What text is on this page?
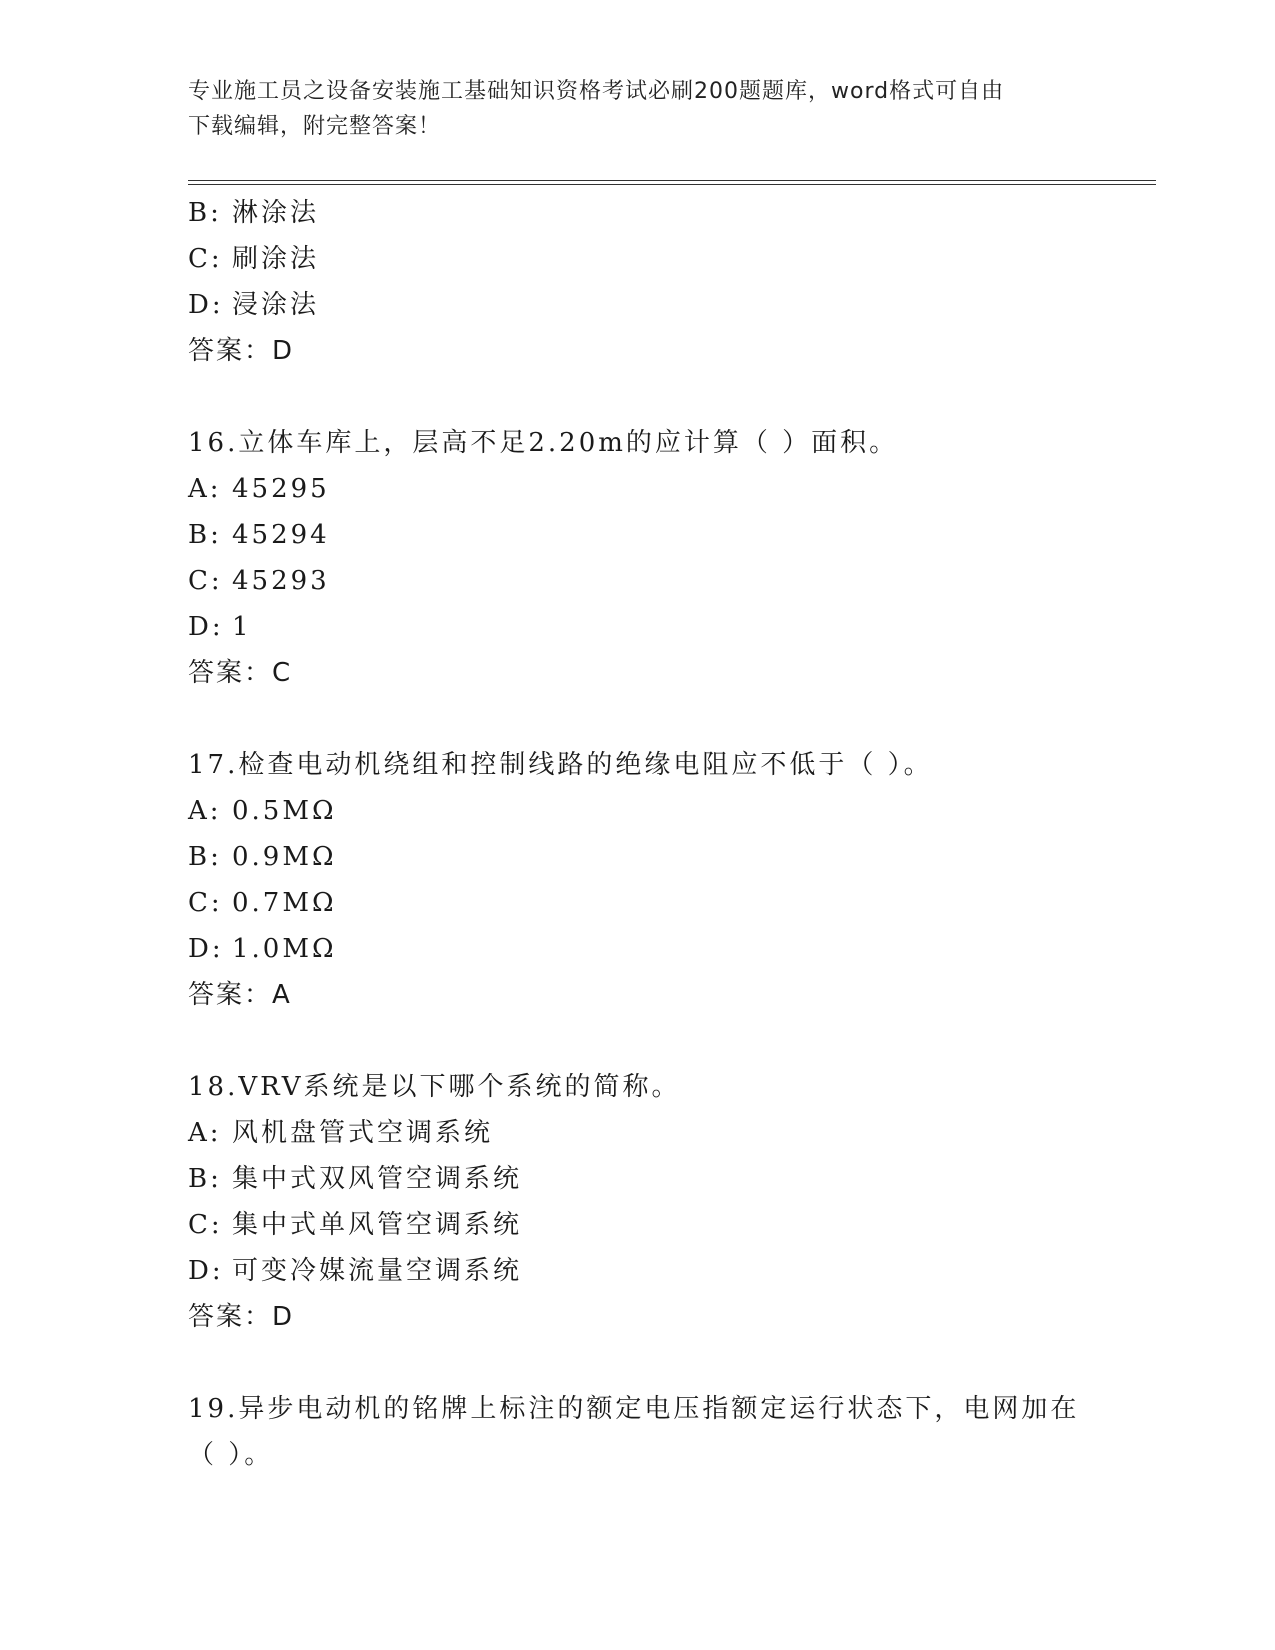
专业施工员之设备安装施工基础知识资格考试必刷200题题库，word格式可自由
下载编辑，附完整答案！
B: 淋涂法
C: 刷涂法
D: 浸涂法
答案：D
16.立体车库上，层高不足2.20m的应计算（ ）面积。
A: 45295
B: 45294
C: 45293
D: 1
答案：C
17.检查电动机绕组和控制线路的绝缘电阻应不低于（ ）。
A: 0.5MΩ
B: 0.9MΩ
C: 0.7MΩ
D: 1.0MΩ
答案：A
18.VRV系统是以下哪个系统的简称。
A: 风机盘管式空调系统
B: 集中式双风管空调系统
C: 集中式单风管空调系统
D: 可变冷媒流量空调系统
答案：D
19.异步电动机的铭牌上标注的额定电压指额定运行状态下，电网加在
（ ）。
